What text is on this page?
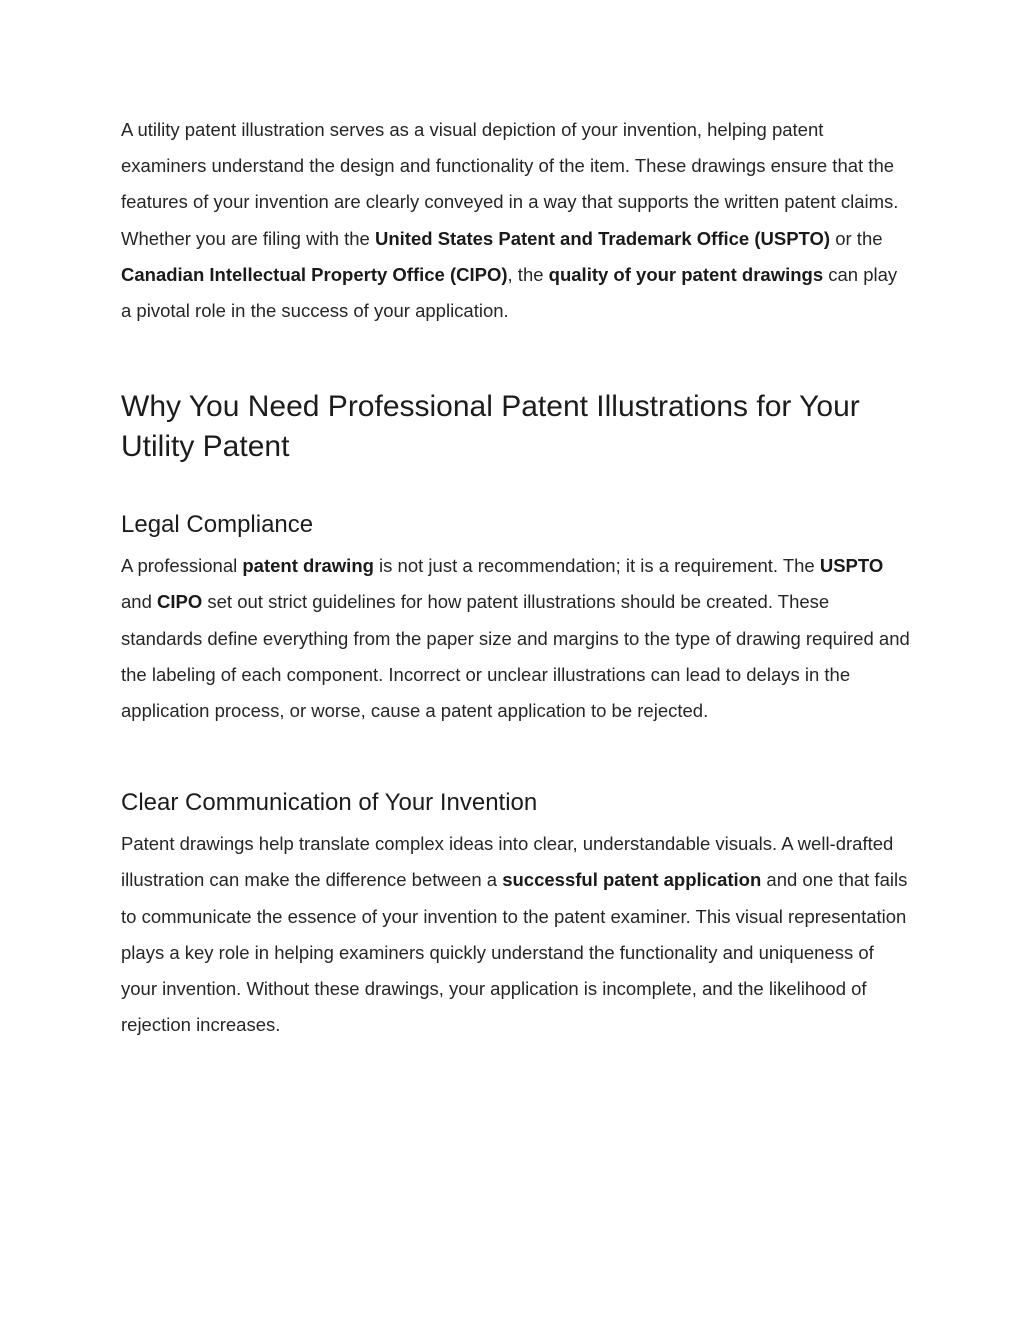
A utility patent illustration serves as a visual depiction of your invention, helping patent examiners understand the design and functionality of the item. These drawings ensure that the features of your invention are clearly conveyed in a way that supports the written patent claims. Whether you are filing with the United States Patent and Trademark Office (USPTO) or the Canadian Intellectual Property Office (CIPO), the quality of your patent drawings can play a pivotal role in the success of your application.

Why You Need Professional Patent Illustrations for Your Utility Patent
Legal Compliance

A professional patent drawing is not just a recommendation; it is a requirement. The USPTO and CIPO set out strict guidelines for how patent illustrations should be created. These standards define everything from the paper size and margins to the type of drawing required and the labeling of each component. Incorrect or unclear illustrations can lead to delays in the application process, or worse, cause a patent application to be rejected.

Clear Communication of Your Invention

Patent drawings help translate complex ideas into clear, understandable visuals. A well-drafted illustration can make the difference between a successful patent application and one that fails to communicate the essence of your invention to the patent examiner. This visual representation plays a key role in helping examiners quickly understand the functionality and uniqueness of your invention. Without these drawings, your application is incomplete, and the likelihood of rejection increases.
